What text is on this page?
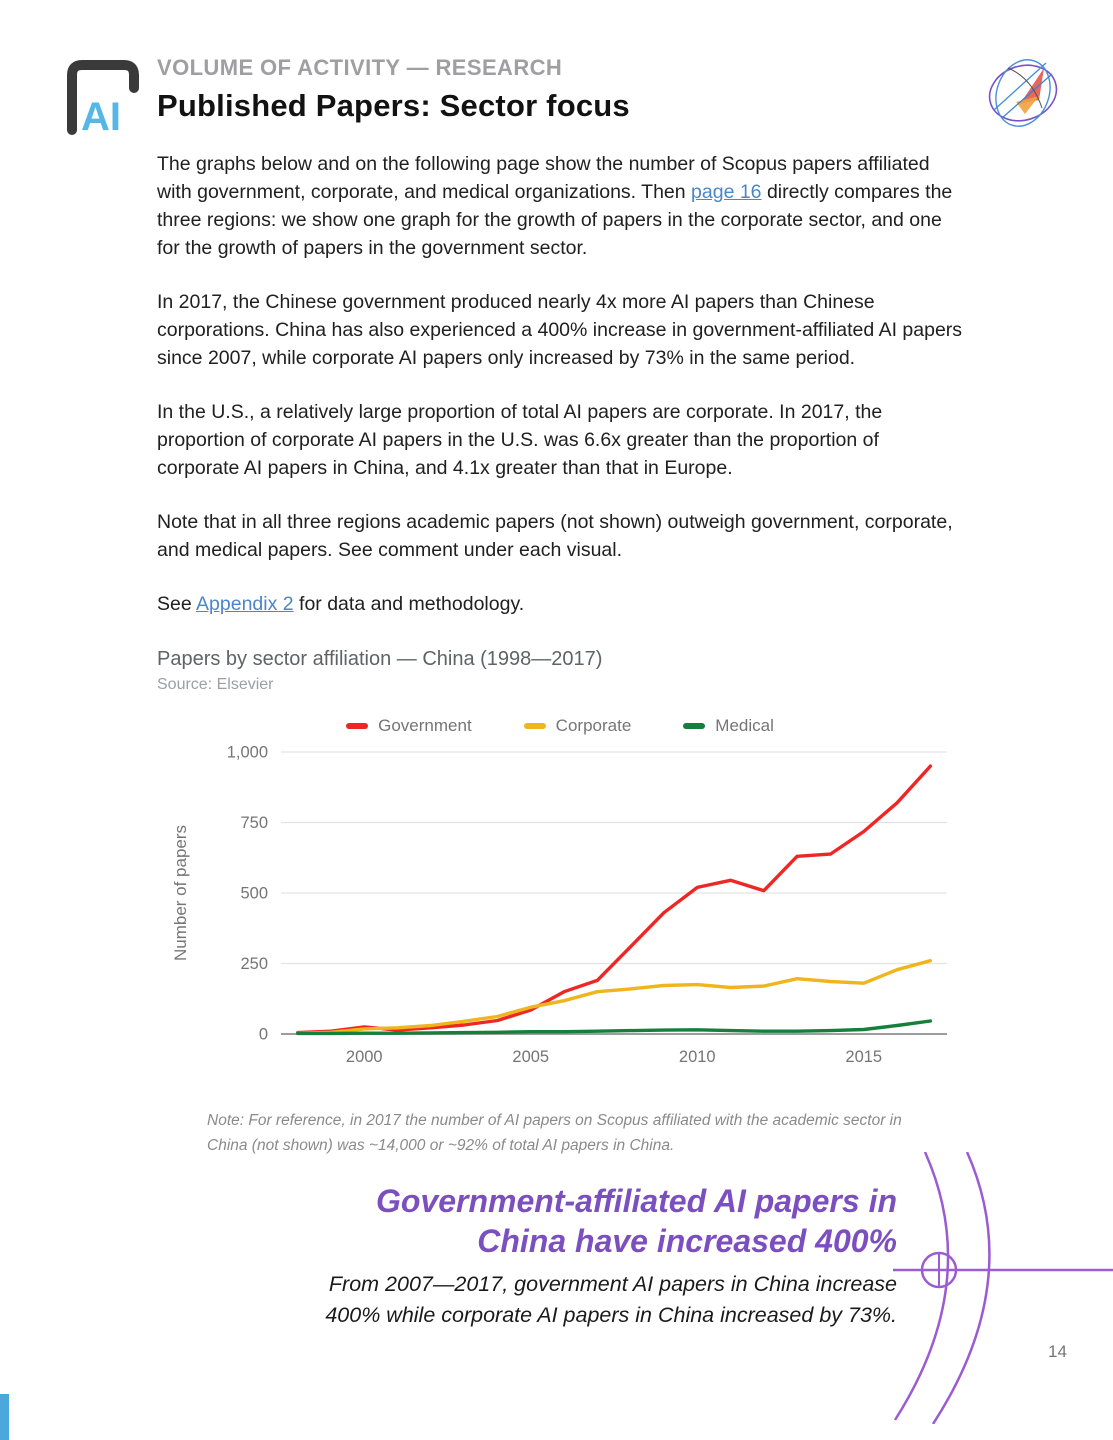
AI
VOLUME OF ACTIVITY — RESEARCH
Published Papers: Sector focus

The graphs below and on the following page show the number of Scopus papers affiliated with government, corporate, and medical organizations. Then page 16 directly compares the three regions: we show one graph for the growth of papers in the corporate sector, and one for the growth of papers in the government sector.

In 2017, the Chinese government produced nearly 4x more AI papers than Chinese corporations. China has also experienced a 400% increase in government-affiliated AI papers since 2007, while corporate AI papers only increased by 73% in the same period.

In the U.S., a relatively large proportion of total AI papers are corporate. In 2017, the proportion of corporate AI papers in the U.S. was 6.6x greater than the proportion of corporate AI papers in China, and 4.1x greater than that in Europe.

Note that in all three regions academic papers (not shown) outweigh government, corporate, and medical papers. See comment under each visual.

See Appendix 2 for data and methodology.

Papers by sector affiliation — China (1998—2017)
Source: Elsevier
Government	Corporate	Medical
0
250
500
750
1,000
2000	2005	2010	2015
Number of papers
Note: For reference, in 2017 the number of AI papers on Scopus affiliated with the academic sector in China (not shown) was ~14,000 or ~92% of total AI papers in China.
Government-affiliated AI papers in
China have increased 400%
From 2007—2017, government AI papers in China increase
400% while corporate AI papers in China increased by 73%.
14
